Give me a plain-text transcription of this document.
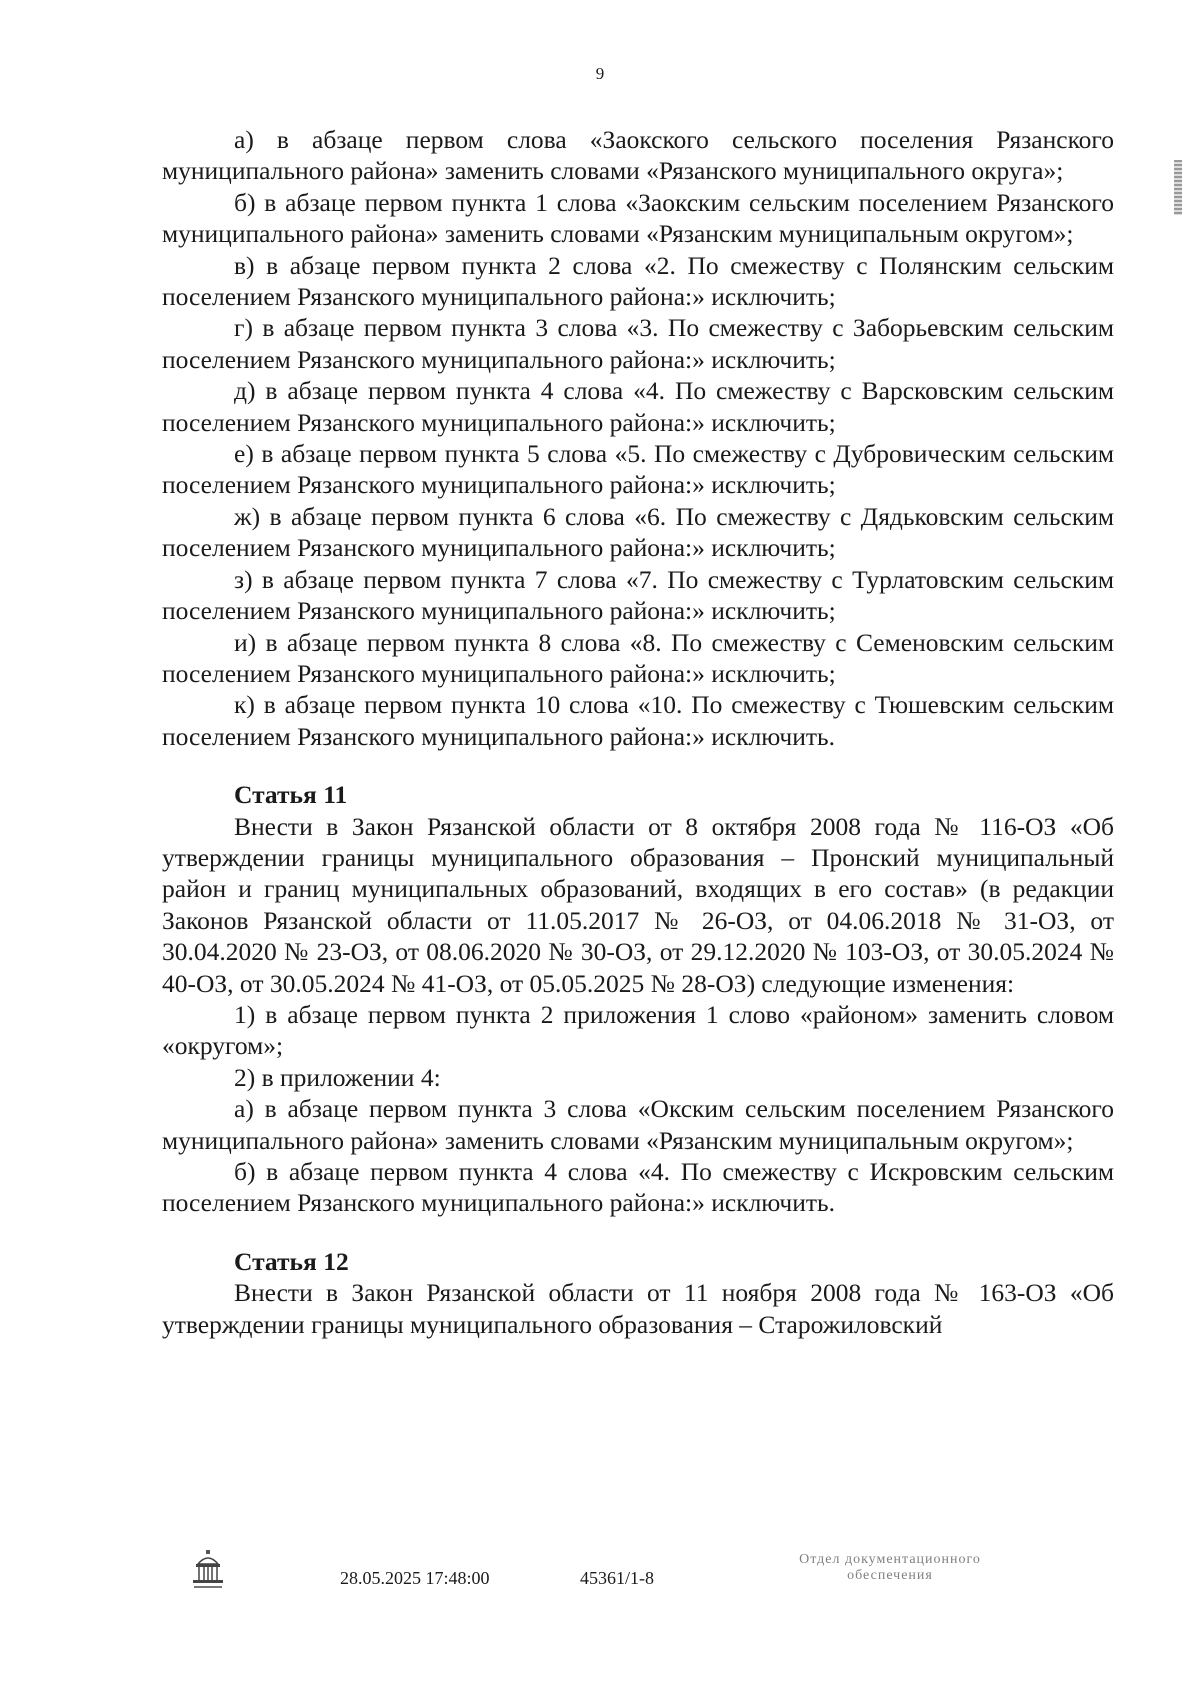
9

а) в абзаце первом слова «Заокского сельского поселения Рязанского муниципального района» заменить словами «Рязанского муниципального округа»;

б) в абзаце первом пункта 1 слова «Заокским сельским поселением Рязанского муниципального района» заменить словами «Рязанским муниципальным округом»;

в) в абзаце первом пункта 2 слова «2. По смежеству с Полянским сельским поселением Рязанского муниципального района:» исключить;

г) в абзаце первом пункта 3 слова «3. По смежеству с Заборьевским сельским поселением Рязанского муниципального района:» исключить;

д) в абзаце первом пункта 4 слова «4. По смежеству с Варсковским сельским поселением Рязанского муниципального района:» исключить;

е) в абзаце первом пункта 5 слова «5. По смежеству с Дубровическим сельским поселением Рязанского муниципального района:» исключить;

ж) в абзаце первом пункта 6 слова «6. По смежеству с Дядьковским сельским поселением Рязанского муниципального района:» исключить;

з) в абзаце первом пункта 7 слова «7. По смежеству с Турлатовским сельским поселением Рязанского муниципального района:» исключить;

и) в абзаце первом пункта 8 слова «8. По смежеству с Семеновским сельским поселением Рязанского муниципального района:» исключить;

к) в абзаце первом пункта 10 слова «10. По смежеству с Тюшевским сельским поселением Рязанского муниципального района:» исключить.

Статья 11

Внести в Закон Рязанской области от 8 октября 2008 года № 116-ОЗ «Об утверждении границы муниципального образования – Пронский муниципальный район и границ муниципальных образований, входящих в его состав» (в редакции Законов Рязанской области от 11.05.2017 № 26-ОЗ, от 04.06.2018 № 31-ОЗ, от 30.04.2020 № 23-ОЗ, от 08.06.2020 № 30-ОЗ, от 29.12.2020 № 103-ОЗ, от 30.05.2024 № 40-ОЗ, от 30.05.2024 № 41-ОЗ, от 05.05.2025 № 28-ОЗ) следующие изменения:

1) в абзаце первом пункта 2 приложения 1 слово «районом» заменить словом «округом»;

2) в приложении 4:

а) в абзаце первом пункта 3 слова «Окским сельским поселением Рязанского муниципального района» заменить словами «Рязанским муниципальным округом»;

б) в абзаце первом пункта 4 слова «4. По смежеству с Искровским сельским поселением Рязанского муниципального района:» исключить.

Статья 12

Внести в Закон Рязанской области от 11 ноября 2008 года № 163-ОЗ «Об утверждении границы муниципального образования – Старожиловский

28.05.2025 17:48:00	45361/1-8
Отдел документационного
обеспечения
